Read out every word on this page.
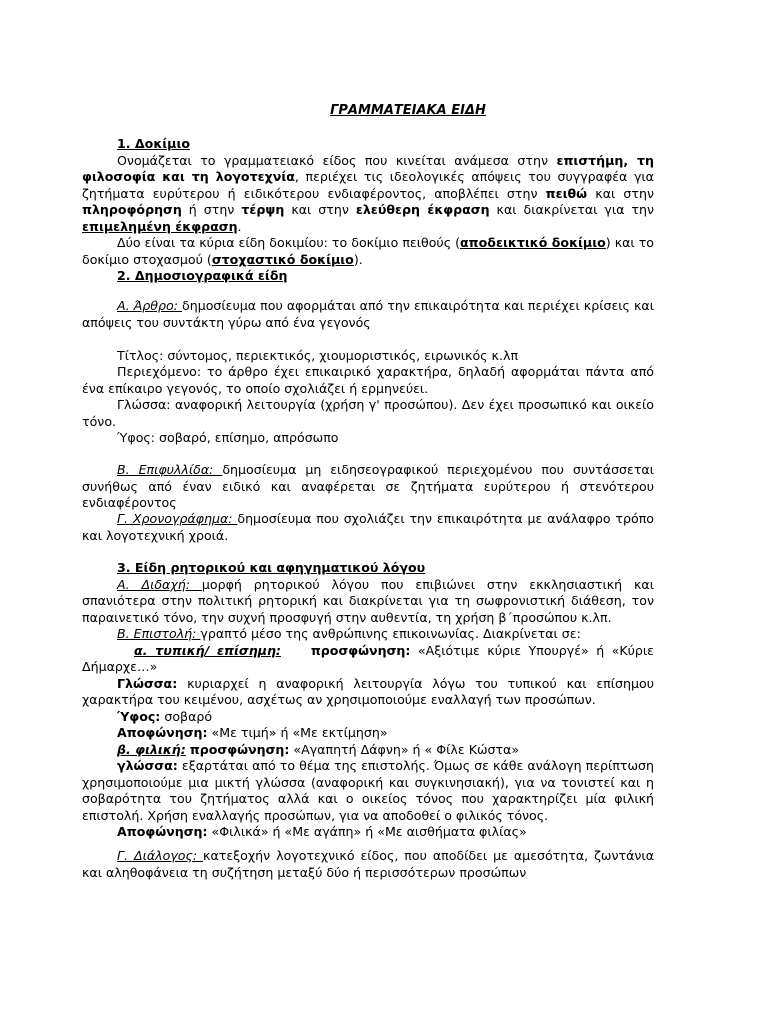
ΓΡΑΜΜΑΤΕΙΑΚΑ ΕΙΔΗ
1. Δοκίμιο
Ονομάζεται το γραμματειακό είδος που κινείται ανάμεσα στην επιστήμη, τη φιλοσοφία και τη λογοτεχνία, περιέχει τις ιδεολογικές απόψεις του συγγραφέα για ζητήματα ευρύτερου ή ειδικότερου ενδιαφέροντος, αποβλέπει στην πειθώ και στην πληροφόρηση ή στην τέρψη και στην ελεύθερη έκφραση και διακρίνεται για την επιμελημένη έκφραση.
Δύο είναι τα κύρια είδη δοκιμίου: το δοκίμιο πειθούς (αποδεικτικό δοκίμιο) και το δοκίμιο στοχασμού (στοχαστικό δοκίμιο).
2. Δημοσιογραφικά είδη
Α. Άρθρο: δημοσίευμα που αφορμάται από την επικαιρότητα και περιέχει κρίσεις και απόψεις του συντάκτη γύρω από ένα γεγονός
Τίτλος: σύντομος, περιεκτικός, χιουμοριστικός, ειρωνικός κ.λπ
Περιεχόμενο: το άρθρο έχει επικαιρικό χαρακτήρα, δηλαδή αφορμάται πάντα από ένα επίκαιρο γεγονός, το οποίο σχολιάζει ή ερμηνεύει.
Γλώσσα: αναφορική λειτουργία (χρήση γ' προσώπου). Δεν έχει προσωπικό και οικείο τόνο.
Ύφος: σοβαρό, επίσημο, απρόσωπο
Β. Επιφυλλίδα: δημοσίευμα μη ειδησεογραφικού περιεχομένου που συντάσσεται συνήθως από έναν ειδικό και αναφέρεται σε ζητήματα ευρύτερου ή στενότερου ενδιαφέροντος
Γ. Χρονογράφημα: δημοσίευμα που σχολιάζει την επικαιρότητα με ανάλαφρο τρόπο και λογοτεχνική χροιά.
3. Είδη ρητορικού και αφηγηματικού λόγου
Α. Διδαχή: μορφή ρητορικού λόγου που επιβιώνει στην εκκλησιαστική και σπανιότερα στην πολιτική ρητορική και διακρίνεται για τη σωφρονιστική διάθεση, τον παραινετικό τόνο, την συχνή προσφυγή στην αυθεντία, τη χρήση β΄προσώπου κ.λπ.
Β. Επιστολή: γραπτό μέσο της ανθρώπινης επικοινωνίας. Διακρίνεται σε:
α. τυπική/ επίσημη: προσφώνηση: «Αξιότιμε κύριε Υπουργέ» ή «Κύριε Δήμαρχε…»
Γλώσσα: κυριαρχεί η αναφορική λειτουργία λόγω του τυπικού και επίσημου χαρακτήρα του κειμένου, ασχέτως αν χρησιμοποιούμε εναλλαγή των προσώπων.
Ύφος: σοβαρό
Αποφώνηση: «Με τιμή» ή «Με εκτίμηση»
β. φιλική: προσφώνηση: «Αγαπητή Δάφνη» ή « Φίλε Κώστα»
γλώσσα: εξαρτάται από το θέμα της επιστολής. Όμως σε κάθε ανάλογη περίπτωση χρησιμοποιούμε μια μικτή γλώσσα (αναφορική και συγκινησιακή), για να τονιστεί και η σοβαρότητα του ζητήματος αλλά και ο οικείος τόνος που χαρακτηρίζει μία φιλική επιστολή. Χρήση εναλλαγής προσώπων, για να αποδοθεί ο φιλικός τόνος.
Αποφώνηση: «Φιλικά» ή «Με αγάπη» ή «Με αισθήματα φιλίας»
Γ. Διάλογος: κατεξοχήν λογοτεχνικό είδος, που αποδίδει με αμεσότητα, ζωντάνια και αληθοφάνεια τη συζήτηση μεταξύ δύο ή περισσότερων προσώπων
